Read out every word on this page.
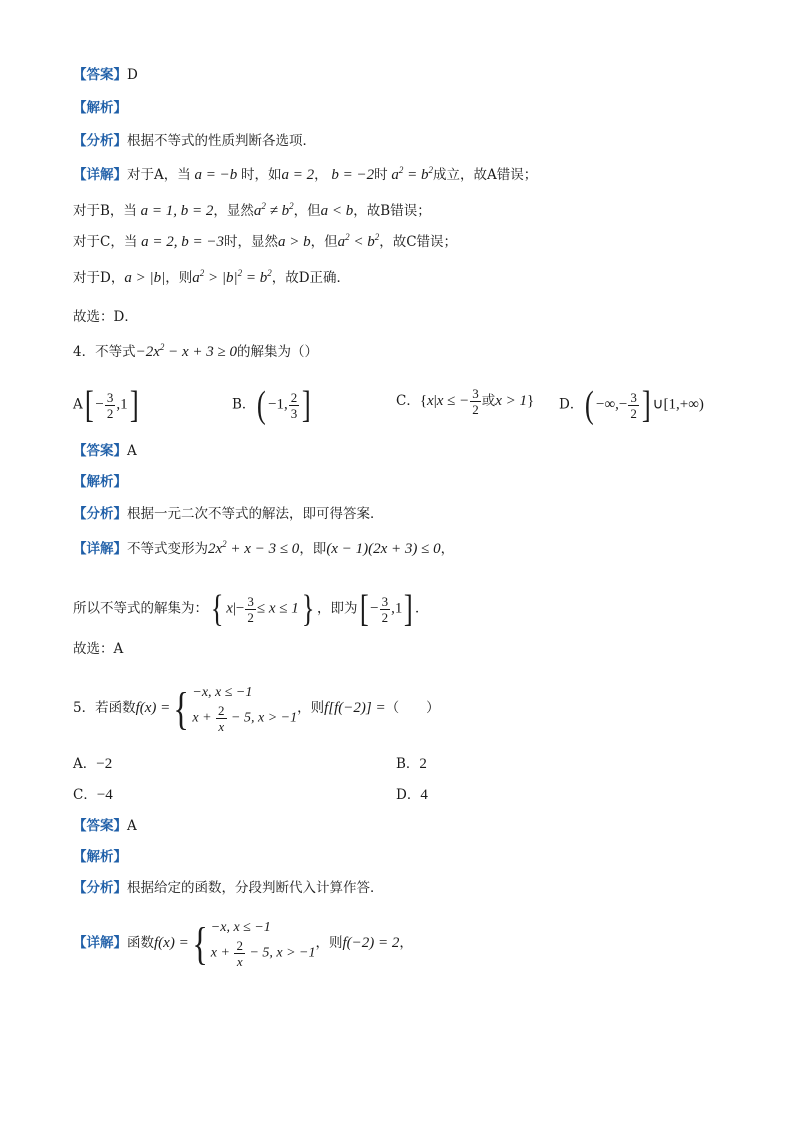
【答案】D
【解析】
【分析】根据不等式的性质判断各选项．
【详解】对于A，当 a = −b 时，如a = 2， b = −2时 $a^2 = b^2$成立，故A错误；
对于B，当 a = 1, b = 2，显然$a^2 \ne b^2$，但a < b，故B错误；
对于C，当 a = 2, b = −3时，显然a > b，但$a^2 < b^2$，故C错误；
对于D，a > |b|，则$a^2 > |b|^2 = b^2$，故D正确．
故选：D．
4．不等式$-2x^2 - x + 3 \ge 0$的解集为（）
$A[ - \frac{3}{2} ,1]$	B．( −1, $\frac{2}{3}$ ]	C．{x|x ≤ − $\frac{3}{2}$ 或x > 1} D．( −∞,− $\frac{3}{2}$ ] ∪[1,+∞)
【答案】A
【解析】
【分析】根据一元二次不等式的解法，即可得答案．
【详解】不等式变形为$2x^2 + x - 3 \le 0$，即(x − 1)(2x + 3) ≤ 0，
所以不等式的解集为：{ $x|- \frac{3}{2} \le x \le 1$} ，即为[ − $\frac{3}{2} ,1$] ．
故选：A
5．若函数f(x) ={ −x, x ≤ −1
$x + \frac{2}{x} - 5$, x > −1
，则f[f(−2)] =（　　）
A．−2	B．2
C．−4	D．4
【答案】A
【解析】
【分析】根据给定的函数，分段判断代入计算作答．
【详解】函数f(x) ={ −x, x ≤ −1
$x + \frac{2}{x} - 5$, x > −1
，则f(−2) = 2，
